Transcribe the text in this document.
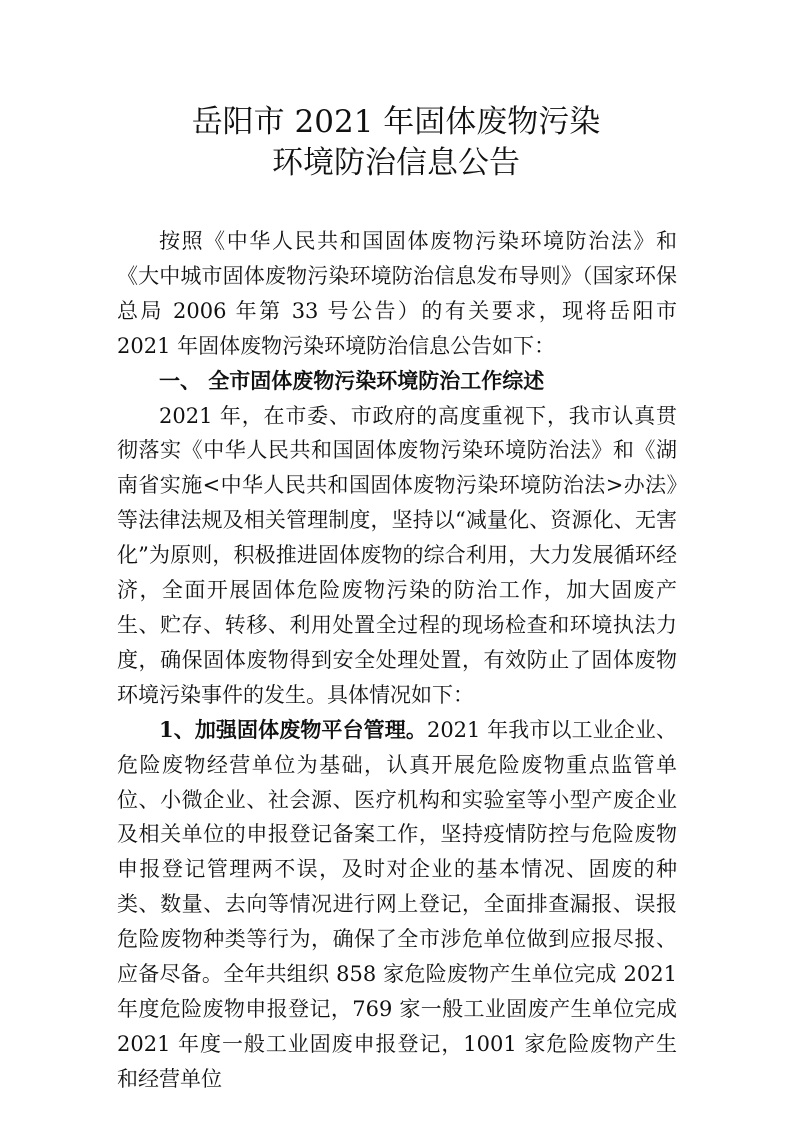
岳阳市 2021 年固体废物污染
环境防治信息公告

按照《中华人民共和国固体废物污染环境防治法》和《大中城市固体废物污染环境防治信息发布导则》（国家环保总局 2006 年第 33 号公告）的有关要求，现将岳阳市 2021 年固体废物污染环境防治信息公告如下：

一、 全市固体废物污染环境防治工作综述

2021 年，在市委、市政府的高度重视下，我市认真贯彻落实《中华人民共和国固体废物污染环境防治法》和《湖南省实施<中华人民共和国固体废物污染环境防治法>办法》等法律法规及相关管理制度，坚持以“减量化、资源化、无害化”为原则，积极推进固体废物的综合利用，大力发展循环经济，全面开展固体危险废物污染的防治工作，加大固废产生、贮存、转移、利用处置全过程的现场检查和环境执法力度，确保固体废物得到安全处理处置，有效防止了固体废物环境污染事件的发生。具体情况如下：

1、加强固体废物平台管理。2021 年我市以工业企业、危险废物经营单位为基础，认真开展危险废物重点监管单位、小微企业、社会源、医疗机构和实验室等小型产废企业及相关单位的申报登记备案工作，坚持疫情防控与危险废物申报登记管理两不误，及时对企业的基本情况、固废的种类、数量、去向等情况进行网上登记，全面排查漏报、误报危险废物种类等行为，确保了全市涉危单位做到应报尽报、应备尽备。全年共组织 858 家危险废物产生单位完成 2021 年度危险废物申报登记，769 家一般工业固废产生单位完成 2021 年度一般工业固废申报登记，1001 家危险废物产生和经营单位
